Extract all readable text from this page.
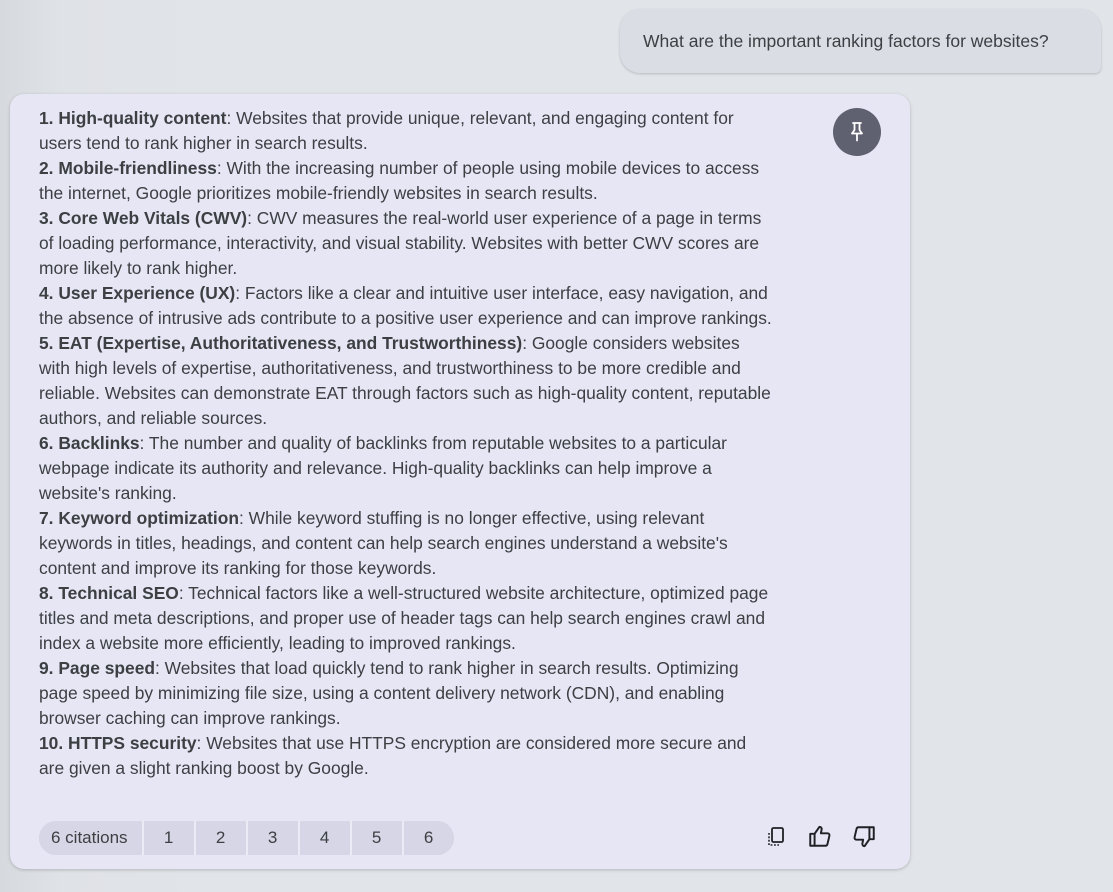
What are the important ranking factors for websites?

1. High-quality content: Websites that provide unique, relevant, and engaging content for users tend to rank higher in search results.

2. Mobile-friendliness: With the increasing number of people using mobile devices to access the internet, Google prioritizes mobile-friendly websites in search results.

3. Core Web Vitals (CWV): CWV measures the real-world user experience of a page in terms of loading performance, interactivity, and visual stability. Websites with better CWV scores are more likely to rank higher.

4. User Experience (UX): Factors like a clear and intuitive user interface, easy navigation, and the absence of intrusive ads contribute to a positive user experience and can improve rankings.

5. EAT (Expertise, Authoritativeness, and Trustworthiness): Google considers websites with high levels of expertise, authoritativeness, and trustworthiness to be more credible and reliable. Websites can demonstrate EAT through factors such as high-quality content, reputable authors, and reliable sources.

6. Backlinks: The number and quality of backlinks from reputable websites to a particular webpage indicate its authority and relevance. High-quality backlinks can help improve a website's ranking.

7. Keyword optimization: While keyword stuffing is no longer effective, using relevant keywords in titles, headings, and content can help search engines understand a website's content and improve its ranking for those keywords.

8. Technical SEO: Technical factors like a well-structured website architecture, optimized page titles and meta descriptions, and proper use of header tags can help search engines crawl and index a website more efficiently, leading to improved rankings.

9. Page speed: Websites that load quickly tend to rank higher in search results. Optimizing page speed by minimizing file size, using a content delivery network (CDN), and enabling browser caching can improve rankings.

10. HTTPS security: Websites that use HTTPS encryption are considered more secure and are given a slight ranking boost by Google.

6 citations	1	2	3	4	5	6
